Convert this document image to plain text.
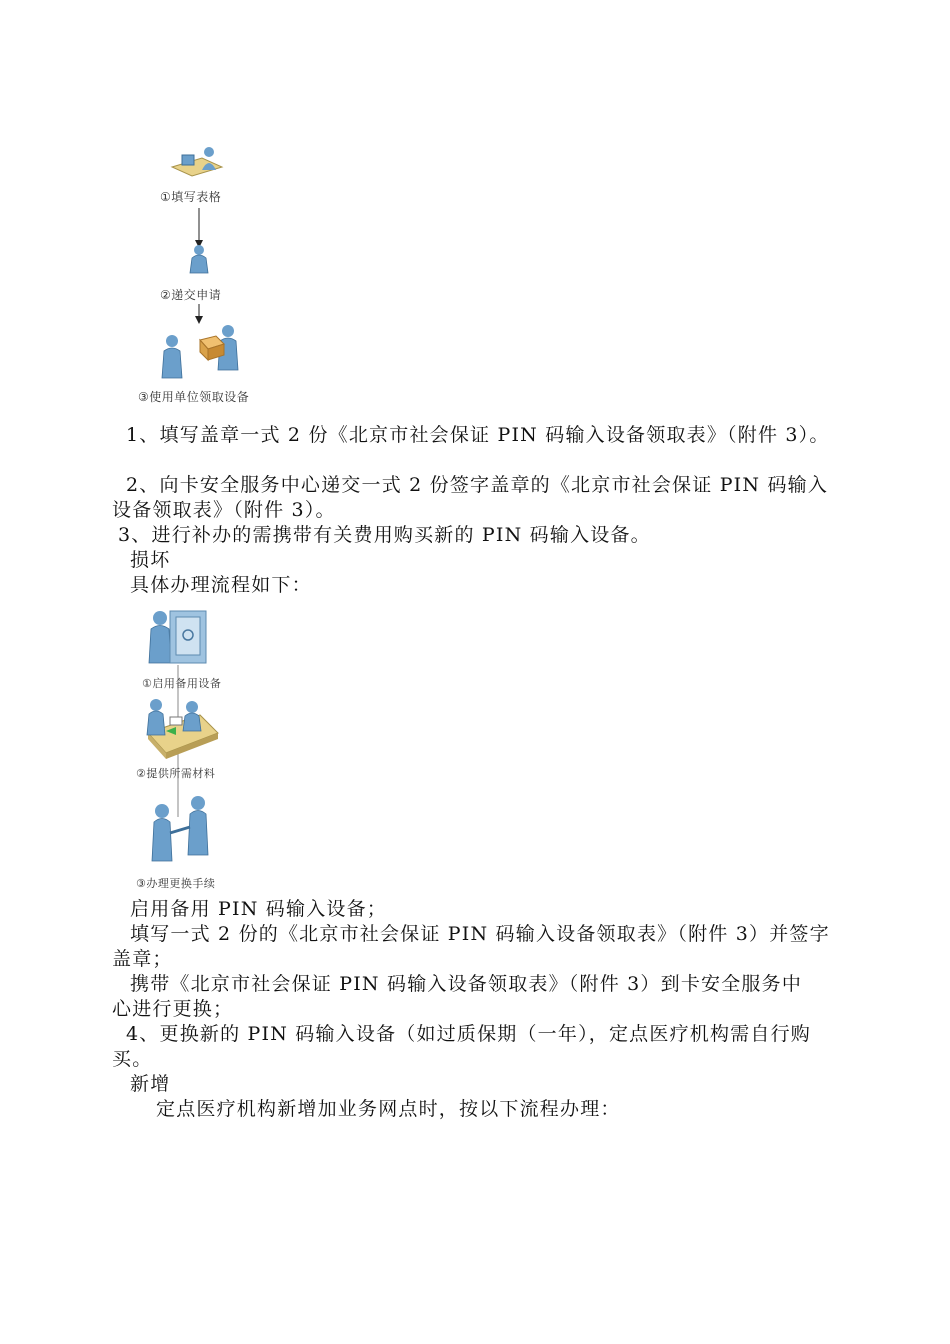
①填写表格
②递交申请
③使用单位领取设备

1、填写盖章一式 2 份《北京市社会保证 PIN 码输入设备领取表》（附件 3）。

2、向卡安全服务中心递交一式 2 份签字盖章的《北京市社会保证 PIN 码输入设备领取表》（附件 3）。

3、进行补办的需携带有关费用购买新的 PIN 码输入设备。

损坏

具体办理流程如下：

①启用备用设备
②提供所需材料
③办理更换手续

启用备用 PIN 码输入设备；

填写一式 2 份的《北京市社会保证 PIN 码输入设备领取表》（附件 3）并签字盖章；

携带《北京市社会保证 PIN 码输入设备领取表》（附件 3）到卡安全服务中心进行更换；

4、更换新的 PIN 码输入设备（如过质保期（一年），定点医疗机构需自行购买。

新增

定点医疗机构新增加业务网点时，按以下流程办理：
